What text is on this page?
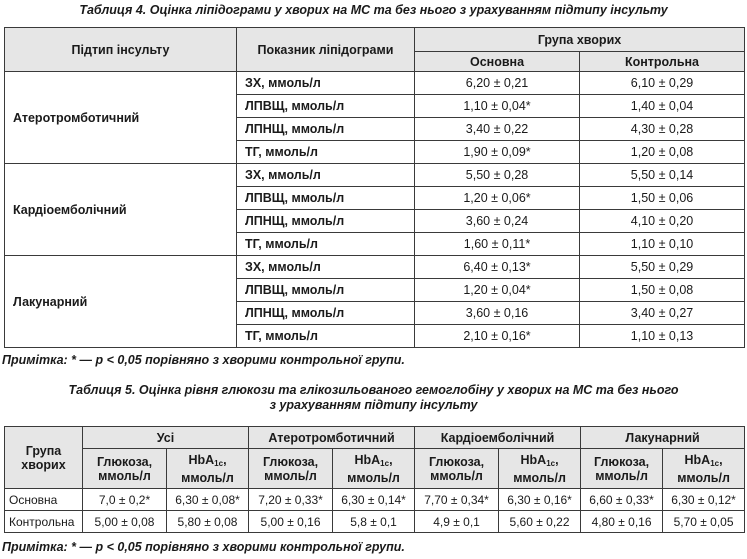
Таблиця 4. Оцінка ліпідограми у хворих на МС та без нього з урахуванням підтипу інсульту
Підтип інсульту	Показник ліпідограми	Група хворих	
		Основна	Контрольна
Атеротромботичний	ЗХ, ммоль/л	6,20 ± 0,21	6,10 ± 0,29
	ЛПВЩ, ммоль/л	1,10 ± 0,04*	1,40 ± 0,04
	ЛПНЩ, ммоль/л	3,40 ± 0,22	4,30 ± 0,28
	ТГ, ммоль/л	1,90 ± 0,09*	1,20 ± 0,08
Кардіоемболічний	ЗХ, ммоль/л	5,50 ± 0,28	5,50 ± 0,14
	ЛПВЩ, ммоль/л	1,20 ± 0,06*	1,50 ± 0,06
	ЛПНЩ, ммоль/л	3,60 ± 0,24	4,10 ± 0,20
	ТГ, ммоль/л	1,60 ± 0,11*	1,10 ± 0,10
Лакунарний	ЗХ, ммоль/л	6,40 ± 0,13*	5,50 ± 0,29
	ЛПВЩ, ммоль/л	1,20 ± 0,04*	1,50 ± 0,08
	ЛПНЩ, ммоль/л	3,60 ± 0,16	3,40 ± 0,27
	ТГ, ммоль/л	2,10 ± 0,16*	1,10 ± 0,13
Примітка: * — р < 0,05 порівняно з хворими контрольної групи.
Таблиця 5. Оцінка рівня глюкози та глікозильованого гемоглобіну у хворих на МС та без нього
з урахуванням підтипу інсульту
Група хворих	Усі		Атеротромботичний		Кардіоемболічний		Лакунарний	
	Глюкоза, ммоль/л	HbA$_{1c}$, ммоль/л	Глюкоза, ммоль/л	HbA$_{1c}$, ммоль/л	Глюкоза, ммоль/л	HbA$_{1c}$, ммоль/л	Глюкоза, ммоль/л	HbA$_{1c}$, ммоль/л
Основна	7,0 ± 0,2*	6,30 ± 0,08*	7,20 ± 0,33*	6,30 ± 0,14*	7,70 ± 0,34*	6,30 ± 0,16*	6,60 ± 0,33*	6,30 ± 0,12*
Контрольна	5,00 ± 0,08	5,80 ± 0,08	5,00 ± 0,16	5,8 ± 0,1	4,9 ± 0,1	5,60 ± 0,22	4,80 ± 0,16	5,70 ± 0,05
Примітка: * — р < 0,05 порівняно з хворими контрольної групи.
